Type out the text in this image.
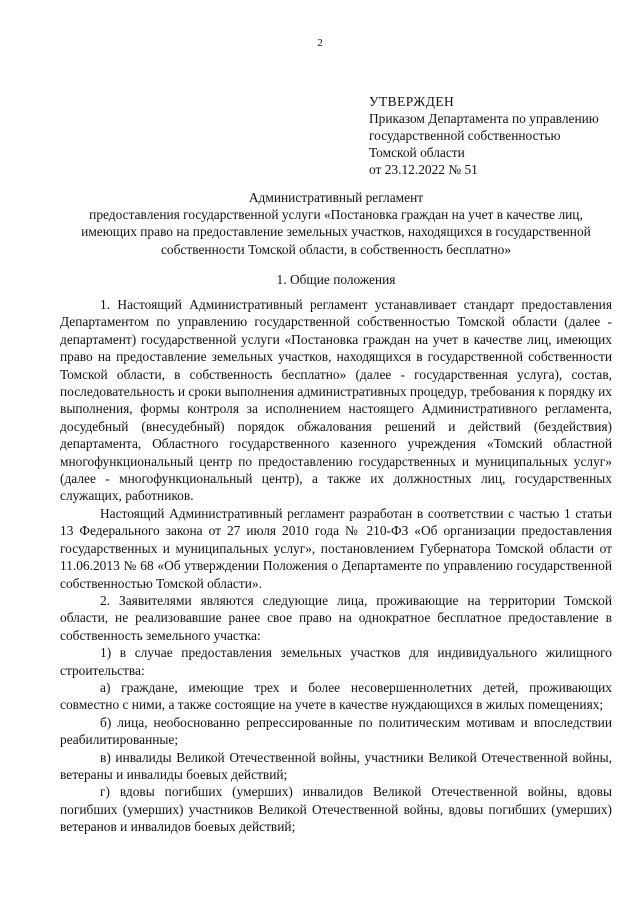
2
УТВЕРЖДЕН
Приказом Департамента по управлению
государственной собственностью
Томской области
от 23.12.2022 № 51
Административный регламент
предоставления государственной услуги «Постановка граждан на учет в качестве лиц,
имеющих право на предоставление земельных участков, находящихся в государственной
собственности Томской области, в собственность бесплатно»
1. Общие положения

1. Настоящий Административный регламент устанавливает стандарт предоставления Департаментом по управлению государственной собственностью Томской области (далее - департамент) государственной услуги «Постановка граждан на учет в качестве лиц, имеющих право на предоставление земельных участков, находящихся в государственной собственности Томской области, в собственность бесплатно» (далее - государственная услуга), состав, последовательность и сроки выполнения административных процедур, требования к порядку их выполнения, формы контроля за исполнением настоящего Административного регламента, досудебный (внесудебный) порядок обжалования решений и действий (бездействия) департамента, Областного государственного казенного учреждения «Томский областной многофункциональный центр по предоставлению государственных и муниципальных услуг» (далее - многофункциональный центр), а также их должностных лиц, государственных служащих, работников.

Настоящий Административный регламент разработан в соответствии с частью 1 статьи 13 Федерального закона от 27 июля 2010 года № 210-ФЗ «Об организации предоставления государственных и муниципальных услуг», постановлением Губернатора Томской области от 11.06.2013 № 68 «Об утверждении Положения о Департаменте по управлению государственной собственностью Томской области».

2. Заявителями являются следующие лица, проживающие на территории Томской области, не реализовавшие ранее свое право на однократное бесплатное предоставление в собственность земельного участка:

1) в случае предоставления земельных участков для индивидуального жилищного строительства:

а) граждане, имеющие трех и более несовершеннолетних детей, проживающих совместно с ними, а также состоящие на учете в качестве нуждающихся в жилых помещениях;

б) лица, необоснованно репрессированные по политическим мотивам и впоследствии реабилитированные;

в) инвалиды Великой Отечественной войны, участники Великой Отечественной войны, ветераны и инвалиды боевых действий;

г) вдовы погибших (умерших) инвалидов Великой Отечественной войны, вдовы погибших (умерших) участников Великой Отечественной войны, вдовы погибших (умерших) ветеранов и инвалидов боевых действий;
